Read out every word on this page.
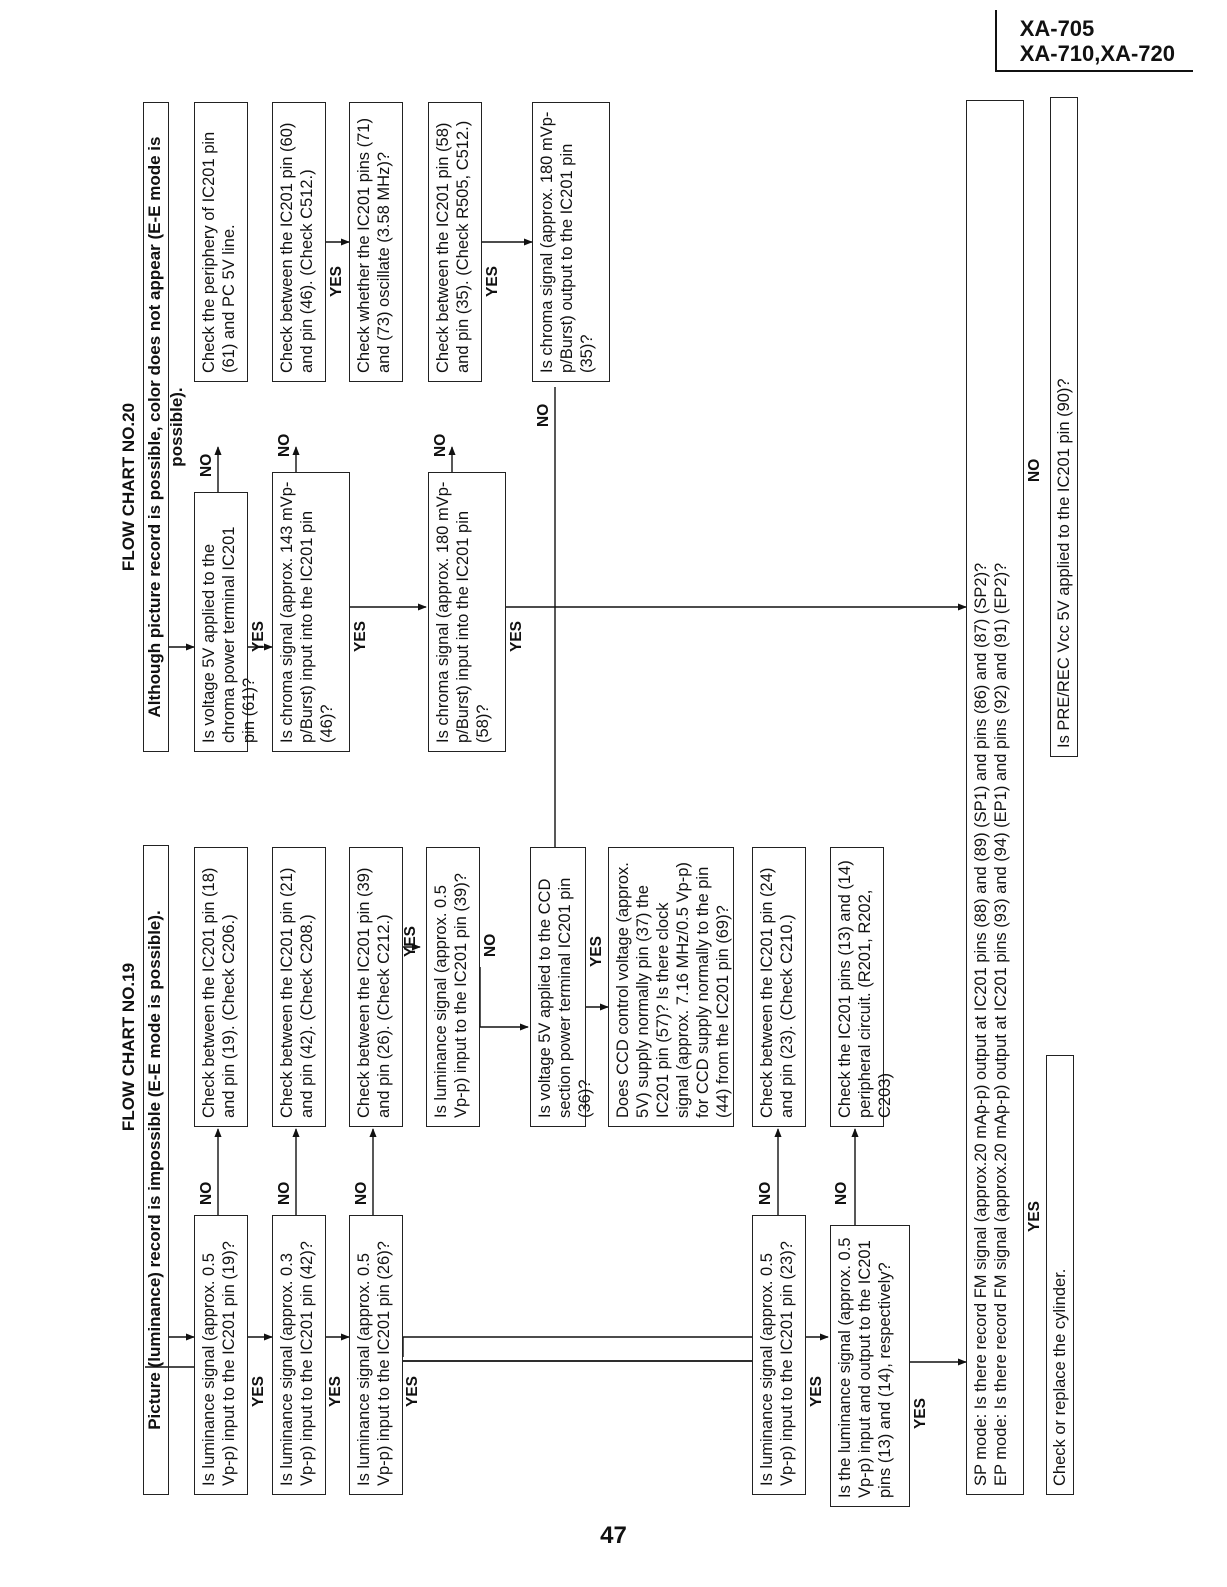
XA-705
XA-710,XA-720
FLOW CHART NO.19 Picture (luminance) record is impossible (E-E mode is possible).	Is luminance signal (approx. 0.5 Vp-p) input to the IC201 pin (19)?	Is luminance signal (approx. 0.3 Vp-p) input to the IC201 pin (42)?	Is luminance signal (approx. 0.5 Vp-p) input to the IC201 pin (26)?
NO	NO	NO
YES	YES	YES
Check between the IC201 pin (18) and pin (19). (Check C206.)	Check between the IC201 pin (21) and pin (42). (Check C208.)	Check between the IC201 pin (39) and pin (26). (Check C212.) YES Is luminance signal (approx. 0.5 Vp-p) input to the IC201 pin (39)? NO	Is voltage 5V applied to the CCD section power terminal IC201 pin (36)?
YES Does CCD control voltage (approx. 5V) supply normally pin (37) the IC201 pin (57)? Is there clock signal (approx. 7.16 MHz/0.5 Vp-p) for CCD supply normally to the pin (44) from the IC201 pin (69)?
Is luminance signal (approx. 0.5 Vp-p) input to the IC201 pin (23)?
NO
YES
Check between the IC201 pin (24) and pin (23). (Check C210.)
Is the luminance signal (approx. 0.5 Vp-p) input and output to the IC201 pins (13) and (14), respectively?
NO
YES
Check the IC201 pins (13) and (14) peripheral circuit. (R201, R202, C203)
FLOW CHART NO.20 Although picture record is possible, color does not appear (E-E mode is possible).
Is voltage 5V applied to the chroma power terminal IC201 pin (61)?
NO
YES
Check the periphery of IC201 pin (61) and PC 5V line.
Is chroma signal (approx. 143 mVp-p/Burst) input into the IC201 pin (46)?
NO
YES
Check between the IC201 pin (60) and pin (46). (Check C512.) YES Check whether the IC201 pins (71) and (73) oscillate (3.58 MHz)?
Is chroma signal (approx. 180 mVp-p/Burst) input into the IC201 pin (58)?
NO
YES
Check between the IC201 pin (58) and pin (35). (Check R505, C512.) YES	Is chroma signal (approx. 180 mVp-p/Burst) output to the IC201 pin (35)?
NO
SP mode: Is there record FM signal (approx.20 mAp-p) output at IC201 pins (88) and (89) (SP1) and pins (86) and (87) (SP2)? EP mode: Is there record FM signal (approx.20 mAp-p) output at IC201 pins (93) and (94) (EP1) and pins (92) and (91) (EP2)? YES
Check or replace the cylinder.
NO Is PRE/REC Vcc 5V applied to the IC201 pin (90)?
47
